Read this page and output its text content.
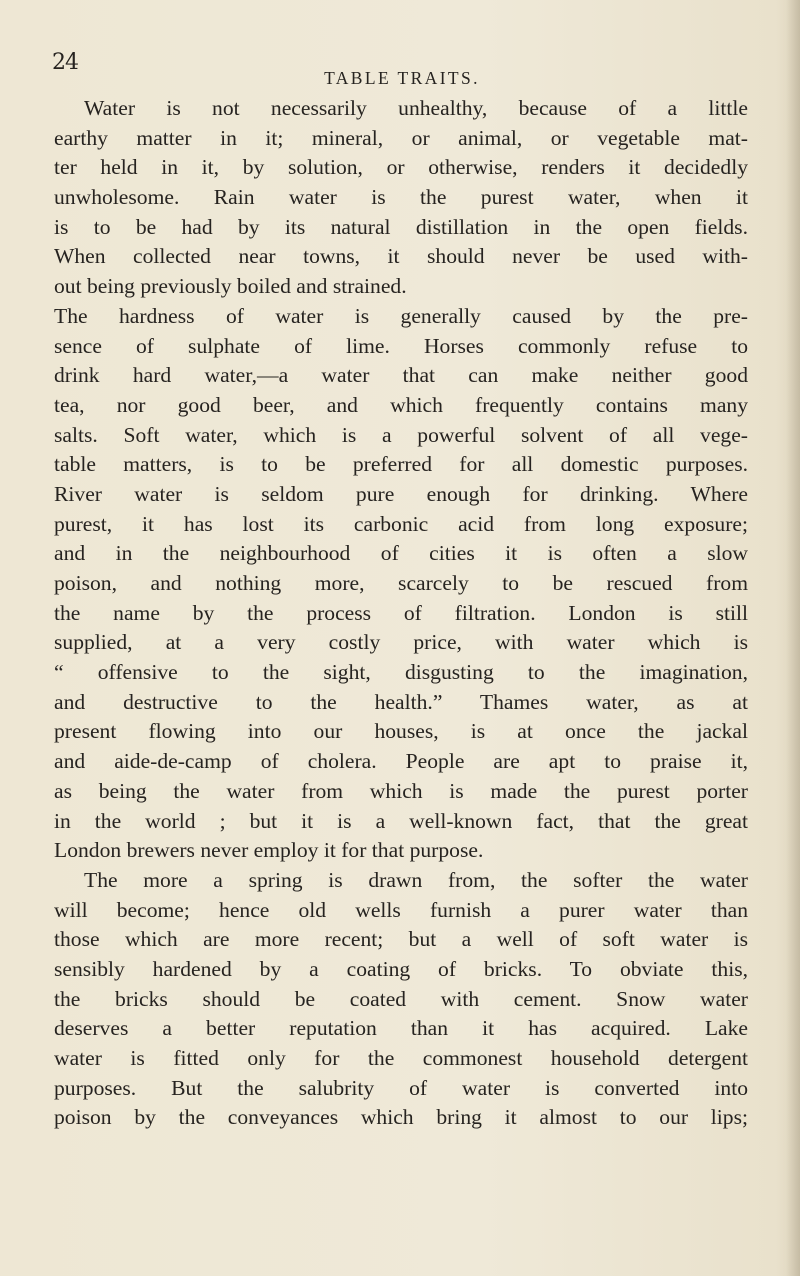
24
TABLE TRAITS.
Water is not necessarily unhealthy, because of a little
earthy matter in it; mineral, or animal, or vegetable mat-
ter held in it, by solution, or otherwise, renders it decidedly
unwholesome. Rain water is the purest water, when it
is to be had by its natural distillation in the open fields.
When collected near towns, it should never be used with-
out being previously boiled and strained.
The hardness of water is generally caused by the pre-
sence of sulphate of lime. Horses commonly refuse to
drink hard water,—a water that can make neither good
tea, nor good beer, and which frequently contains many
salts. Soft water, which is a powerful solvent of all vege-
table matters, is to be preferred for all domestic purposes.
River water is seldom pure enough for drinking. Where
purest, it has lost its carbonic acid from long exposure;
and in the neighbourhood of cities it is often a slow
poison, and nothing more, scarcely to be rescued from
the name by the process of filtration. London is still
supplied, at a very costly price, with water which is
“ offensive to the sight, disgusting to the imagination,
and destructive to the health.” Thames water, as at
present flowing into our houses, is at once the jackal
and aide-de-camp of cholera. People are apt to praise it,
as being the water from which is made the purest porter
in the world ; but it is a well-known fact, that the great
London brewers never employ it for that purpose.
The more a spring is drawn from, the softer the water
will become; hence old wells furnish a purer water than
those which are more recent; but a well of soft water is
sensibly hardened by a coating of bricks. To obviate this,
the bricks should be coated with cement. Snow water
deserves a better reputation than it has acquired. Lake
water is fitted only for the commonest household detergent
purposes. But the salubrity of water is converted into
poison by the conveyances which bring it almost to our lips;
